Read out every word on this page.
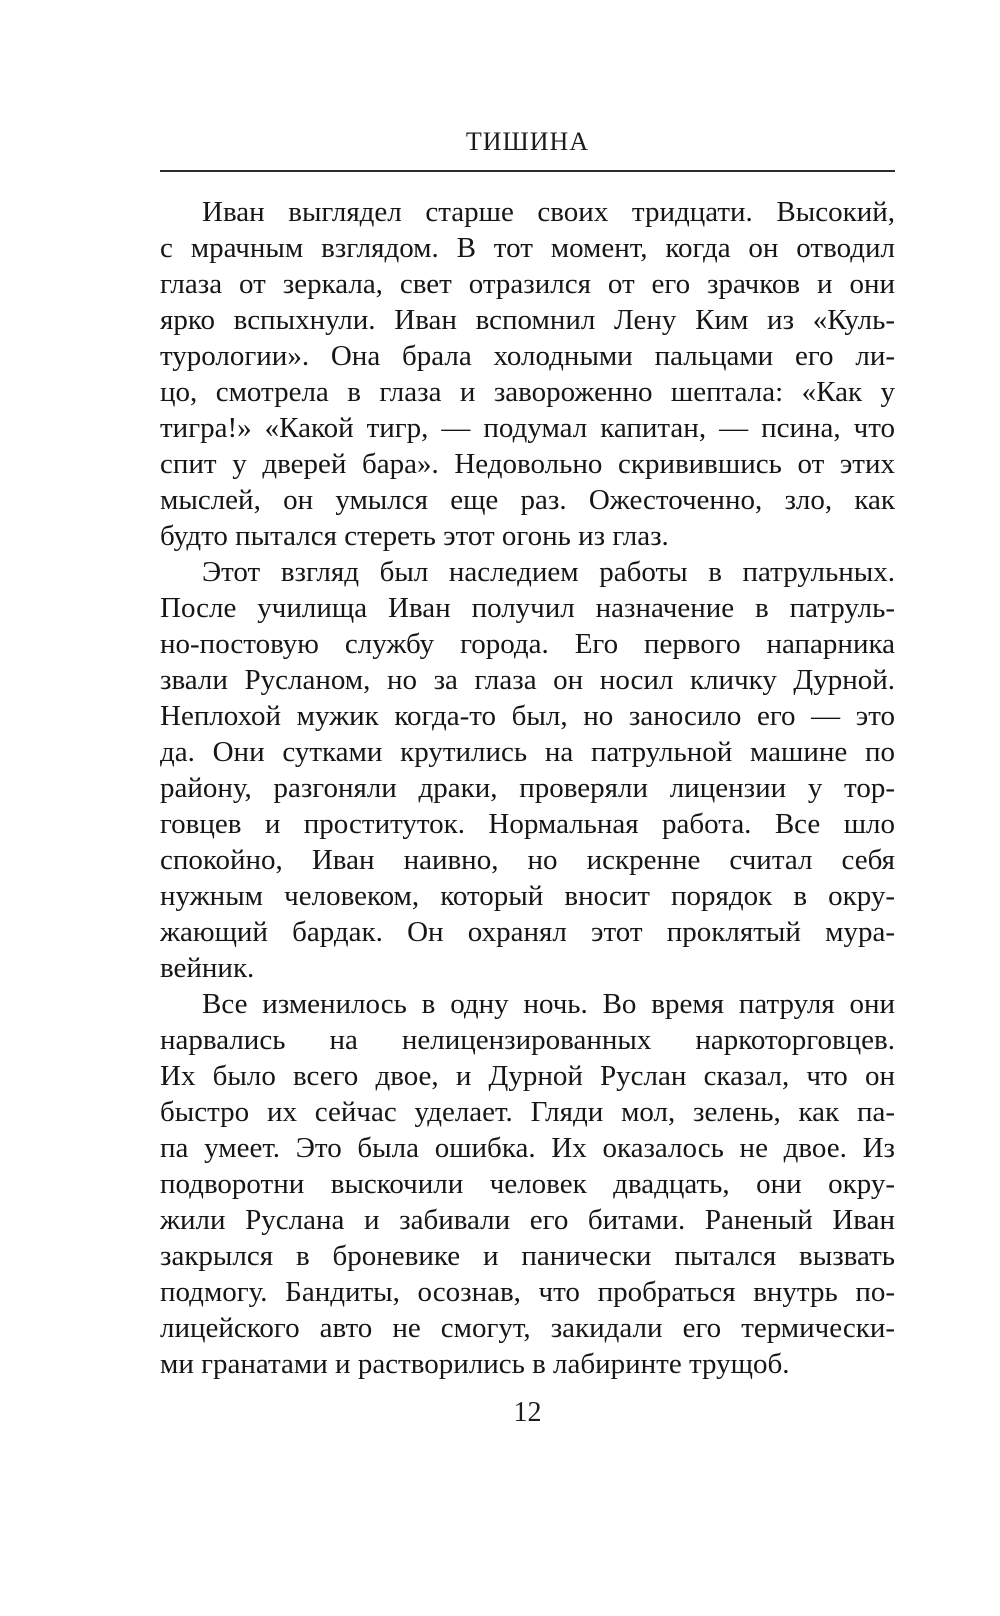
ТИШИНА
Иван выглядел старше своих тридцати. Высокий,
с мрачным взглядом. В тот момент, когда он отводил
глаза от зеркала, свет отразился от его зрачков и они
ярко вспыхнули. Иван вспомнил Лену Ким из «Куль-
турологии». Она брала холодными пальцами его ли-
цо, смотрела в глаза и завороженно шептала: «Как у
тигра!» «Какой тигр, — подумал капитан, — псина, что
спит у дверей бара». Недовольно скривившись от этих
мыслей, он умылся еще раз. Ожесточенно, зло, как
будто пытался стереть этот огонь из глаз.
Этот взгляд был наследием работы в патрульных.
После училища Иван получил назначение в патруль-
но-постовую службу города. Его первого напарника
звали Русланом, но за глаза он носил кличку Дурной.
Неплохой мужик когда-то был, но заносило его — это
да. Они сутками крутились на патрульной машине по
району, разгоняли драки, проверяли лицензии у тор-
говцев и проституток. Нормальная работа. Все шло
спокойно, Иван наивно, но искренне считал себя
нужным человеком, который вносит порядок в окру-
жающий бардак. Он охранял этот проклятый мура-
вейник.
Все изменилось в одну ночь. Во время патруля они
нарвались на нелицензированных наркоторговцев.
Их было всего двое, и Дурной Руслан сказал, что он
быстро их сейчас уделает. Гляди мол, зелень, как па-
па умеет. Это была ошибка. Их оказалось не двое. Из
подворотни выскочили человек двадцать, они окру-
жили Руслана и забивали его битами. Раненый Иван
закрылся в броневике и панически пытался вызвать
подмогу. Бандиты, осознав, что пробраться внутрь по-
лицейского авто не смогут, закидали его термически-
ми гранатами и растворились в лабиринте трущоб.
12
